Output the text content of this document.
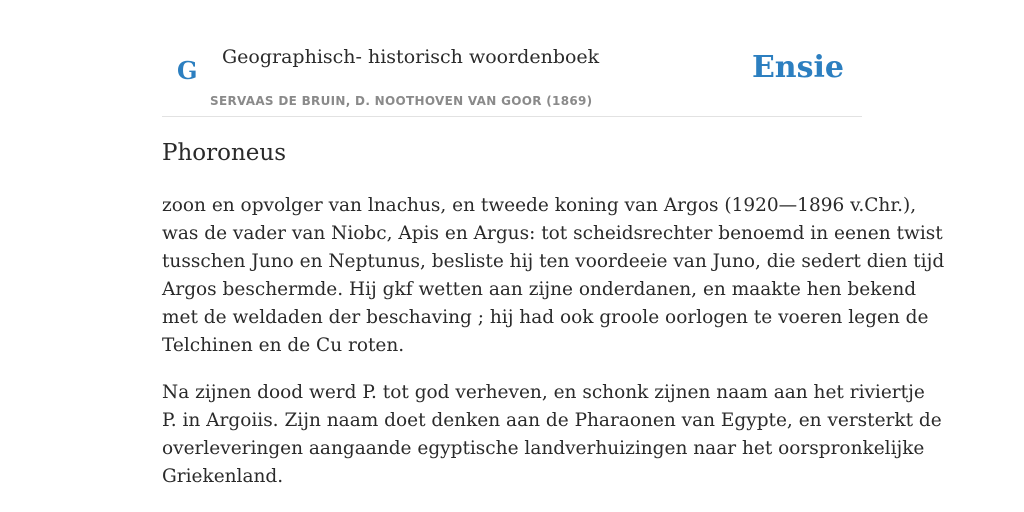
G Geographisch- historisch woordenboek
SERVAAS DE BRUIN, D. NOOTHOVEN VAN GOOR (1869)
Ensie
Phoroneus

zoon en opvolger van lnachus, en tweede koning van Argos (1920—1896 v.Chr.),
was de vader van Niobc, Apis en Argus: tot scheidsrechter benoemd in eenen twist
tusschen Juno en Neptunus, besliste hij ten voordeeie van Juno, die sedert dien tijd
Argos beschermde. Hij gkf wetten aan zijne onderdanen, en maakte hen bekend
met de weldaden der beschaving ; hij had ook groole oorlogen te voeren legen de
Telchinen en de Cu roten.

Na zijnen dood werd P. tot god verheven, en schonk zijnen naam aan het riviertje
P. in Argoiis. Zijn naam doet denken aan de Pharaonen van Egypte, en versterkt de
overleveringen aangaande egyptische landverhuizingen naar het oorspronkelijke
Griekenland.
